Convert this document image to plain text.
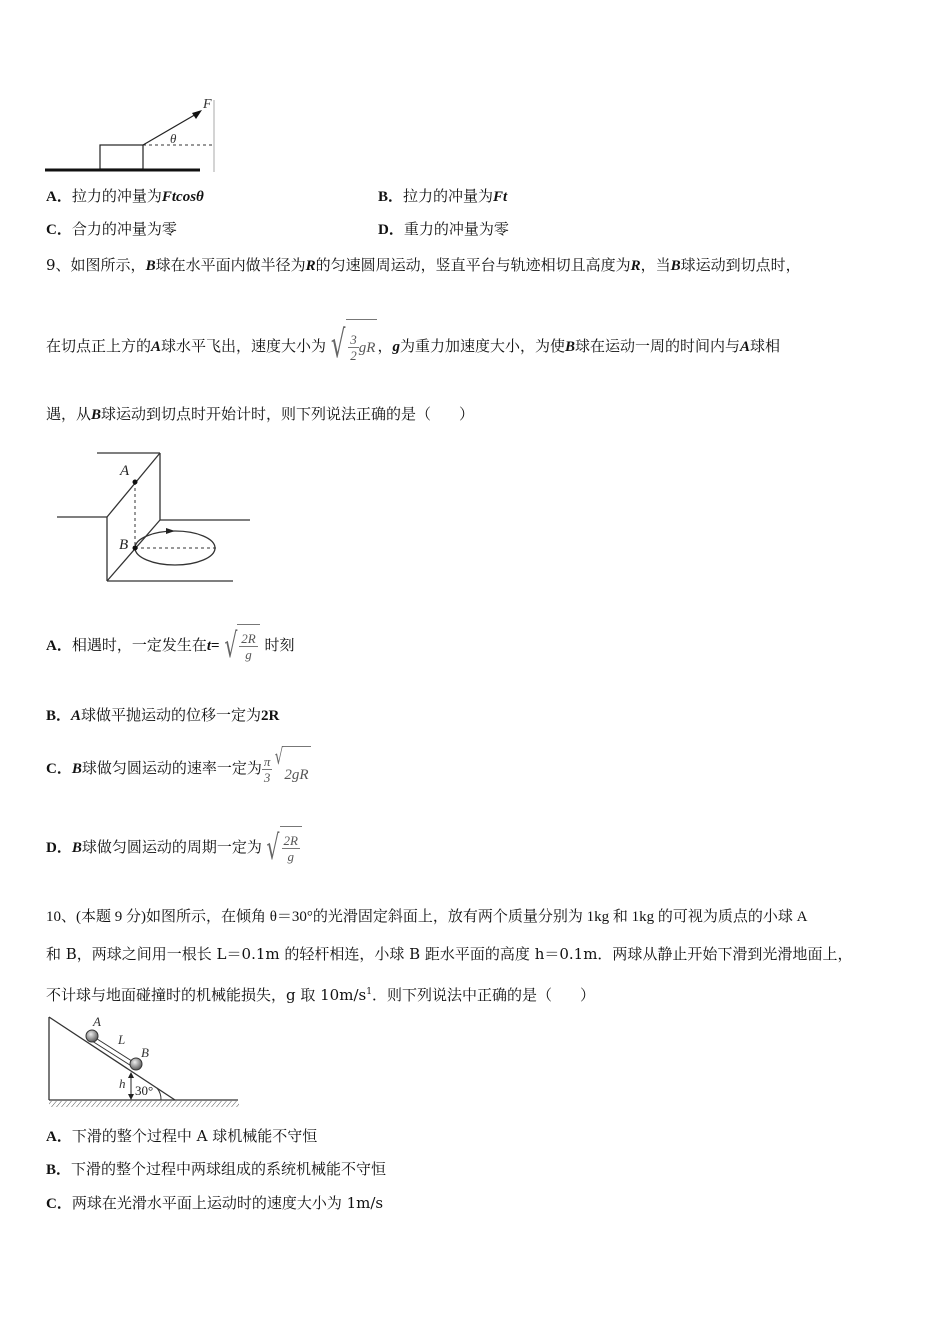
F
θ
A．拉力的冲量为Ftcosθ	B．拉力的冲量为Ft
C．合力的冲量为零	D．重力的冲量为零
9、如图所示，B球在水平面内做半径为R的匀速圆周运动，竖直平台与轨迹相切且高度为R，当B球运动到切点时，
在切点正上方的A球水平飞出，速度大小为 √ $\frac{3}{2}$ gR ，g为重力加速度大小，为使B球在运动一周的时间内与A球相
遇，从B球运动到切点时开始计时，则下列说法正确的是（ ）
A
B
A．相遇时，一定发生在t= √ $\frac{2R}{g}$ 时刻
B．A球做平抛运动的位移一定为2R
C．B球做匀圆运动的速率一定为 $\frac{\pi}{3}$ √
2gR
D．B球做匀圆运动的周期一定为 √ $\frac{2R}{g}$
10、(本题 9 分)如图所示，在倾角 θ＝30°的光滑固定斜面上，放有两个质量分别为 1kg 和 1kg 的可视为质点的小球 A
和 B，两球之间用一根长 L＝0.1m 的轻杆相连，小球 B 距水平面的高度 h＝0.1m．两球从静止开始下滑到光滑地面上，
不计球与地面碰撞时的机械能损失，g 取 $10m/s^1$．则下列说法中正确的是（ ）
A
L
B
h 30°
A．下滑的整个过程中 A 球机械能不守恒
B．下滑的整个过程中两球组成的系统机械能不守恒
C．两球在光滑水平面上运动时的速度大小为 1m/s
